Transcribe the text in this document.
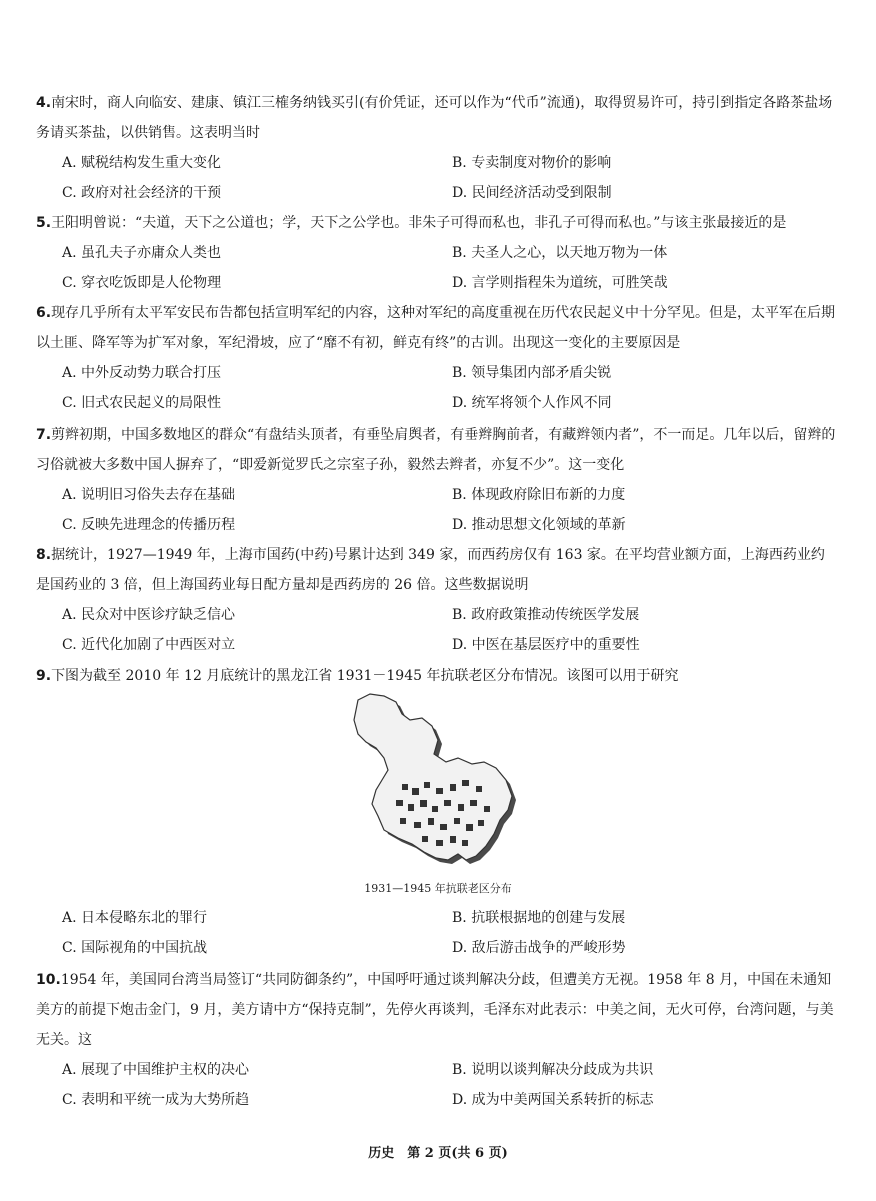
4.南宋时，商人向临安、建康、镇江三榷务纳钱买引(有价凭证，还可以作为“代币”流通)，取得贸易许可，持引到指定各路茶盐场务请买茶盐，以供销售。这表明当时
A. 赋税结构发生重大变化	B. 专卖制度对物价的影响
C. 政府对社会经济的干预	D. 民间经济活动受到限制
5.王阳明曾说：“夫道，天下之公道也；学，天下之公学也。非朱子可得而私也，非孔子可得而私也。”与该主张最接近的是
A. 虽孔夫子亦庸众人类也	B. 夫圣人之心，以天地万物为一体
C. 穿衣吃饭即是人伦物理	D. 言学则指程朱为道统，可胜笑哉
6.现存几乎所有太平军安民布告都包括宣明军纪的内容，这种对军纪的高度重视在历代农民起义中十分罕见。但是，太平军在后期以土匪、降军等为扩军对象，军纪滑坡，应了“靡不有初，鲜克有终”的古训。出现这一变化的主要原因是
A. 中外反动势力联合打压	B. 领导集团内部矛盾尖锐
C. 旧式农民起义的局限性	D. 统军将领个人作风不同
7.剪辫初期，中国多数地区的群众“有盘结头顶者，有垂坠肩舆者，有垂辫胸前者，有藏辫领内者”，不一而足。几年以后，留辫的习俗就被大多数中国人摒弃了，“即爱新觉罗氏之宗室子孙，毅然去辫者，亦复不少”。这一变化
A. 说明旧习俗失去存在基础	B. 体现政府除旧布新的力度
C. 反映先进理念的传播历程	D. 推动思想文化领域的革新
8.据统计，1927—1949 年，上海市国药(中药)号累计达到 349 家，而西药房仅有 163 家。在平均营业额方面，上海西药业约是国药业的 3 倍，但上海国药业每日配方量却是西药房的 26 倍。这些数据说明
A. 民众对中医诊疗缺乏信心	B. 政府政策推动传统医学发展
C. 近代化加剧了中西医对立	D. 中医在基层医疗中的重要性
9.下图为截至 2010 年 12 月底统计的黑龙江省 1931－1945 年抗联老区分布情况。该图可以用于研究
1931—1945 年抗联老区分布
A. 日本侵略东北的罪行	B. 抗联根据地的创建与发展
C. 国际视角的中国抗战	D. 敌后游击战争的严峻形势
10.1954 年，美国同台湾当局签订“共同防御条约”，中国呼吁通过谈判解决分歧，但遭美方无视。1958 年 8 月，中国在未通知美方的前提下炮击金门，9 月，美方请中方“保持克制”，先停火再谈判，毛泽东对此表示：中美之间，无火可停，台湾问题，与美无关。这
A. 展现了中国维护主权的决心	B. 说明以谈判解决分歧成为共识
C. 表明和平统一成为大势所趋	D. 成为中美两国关系转折的标志
历史　第 2 页(共 6 页)
